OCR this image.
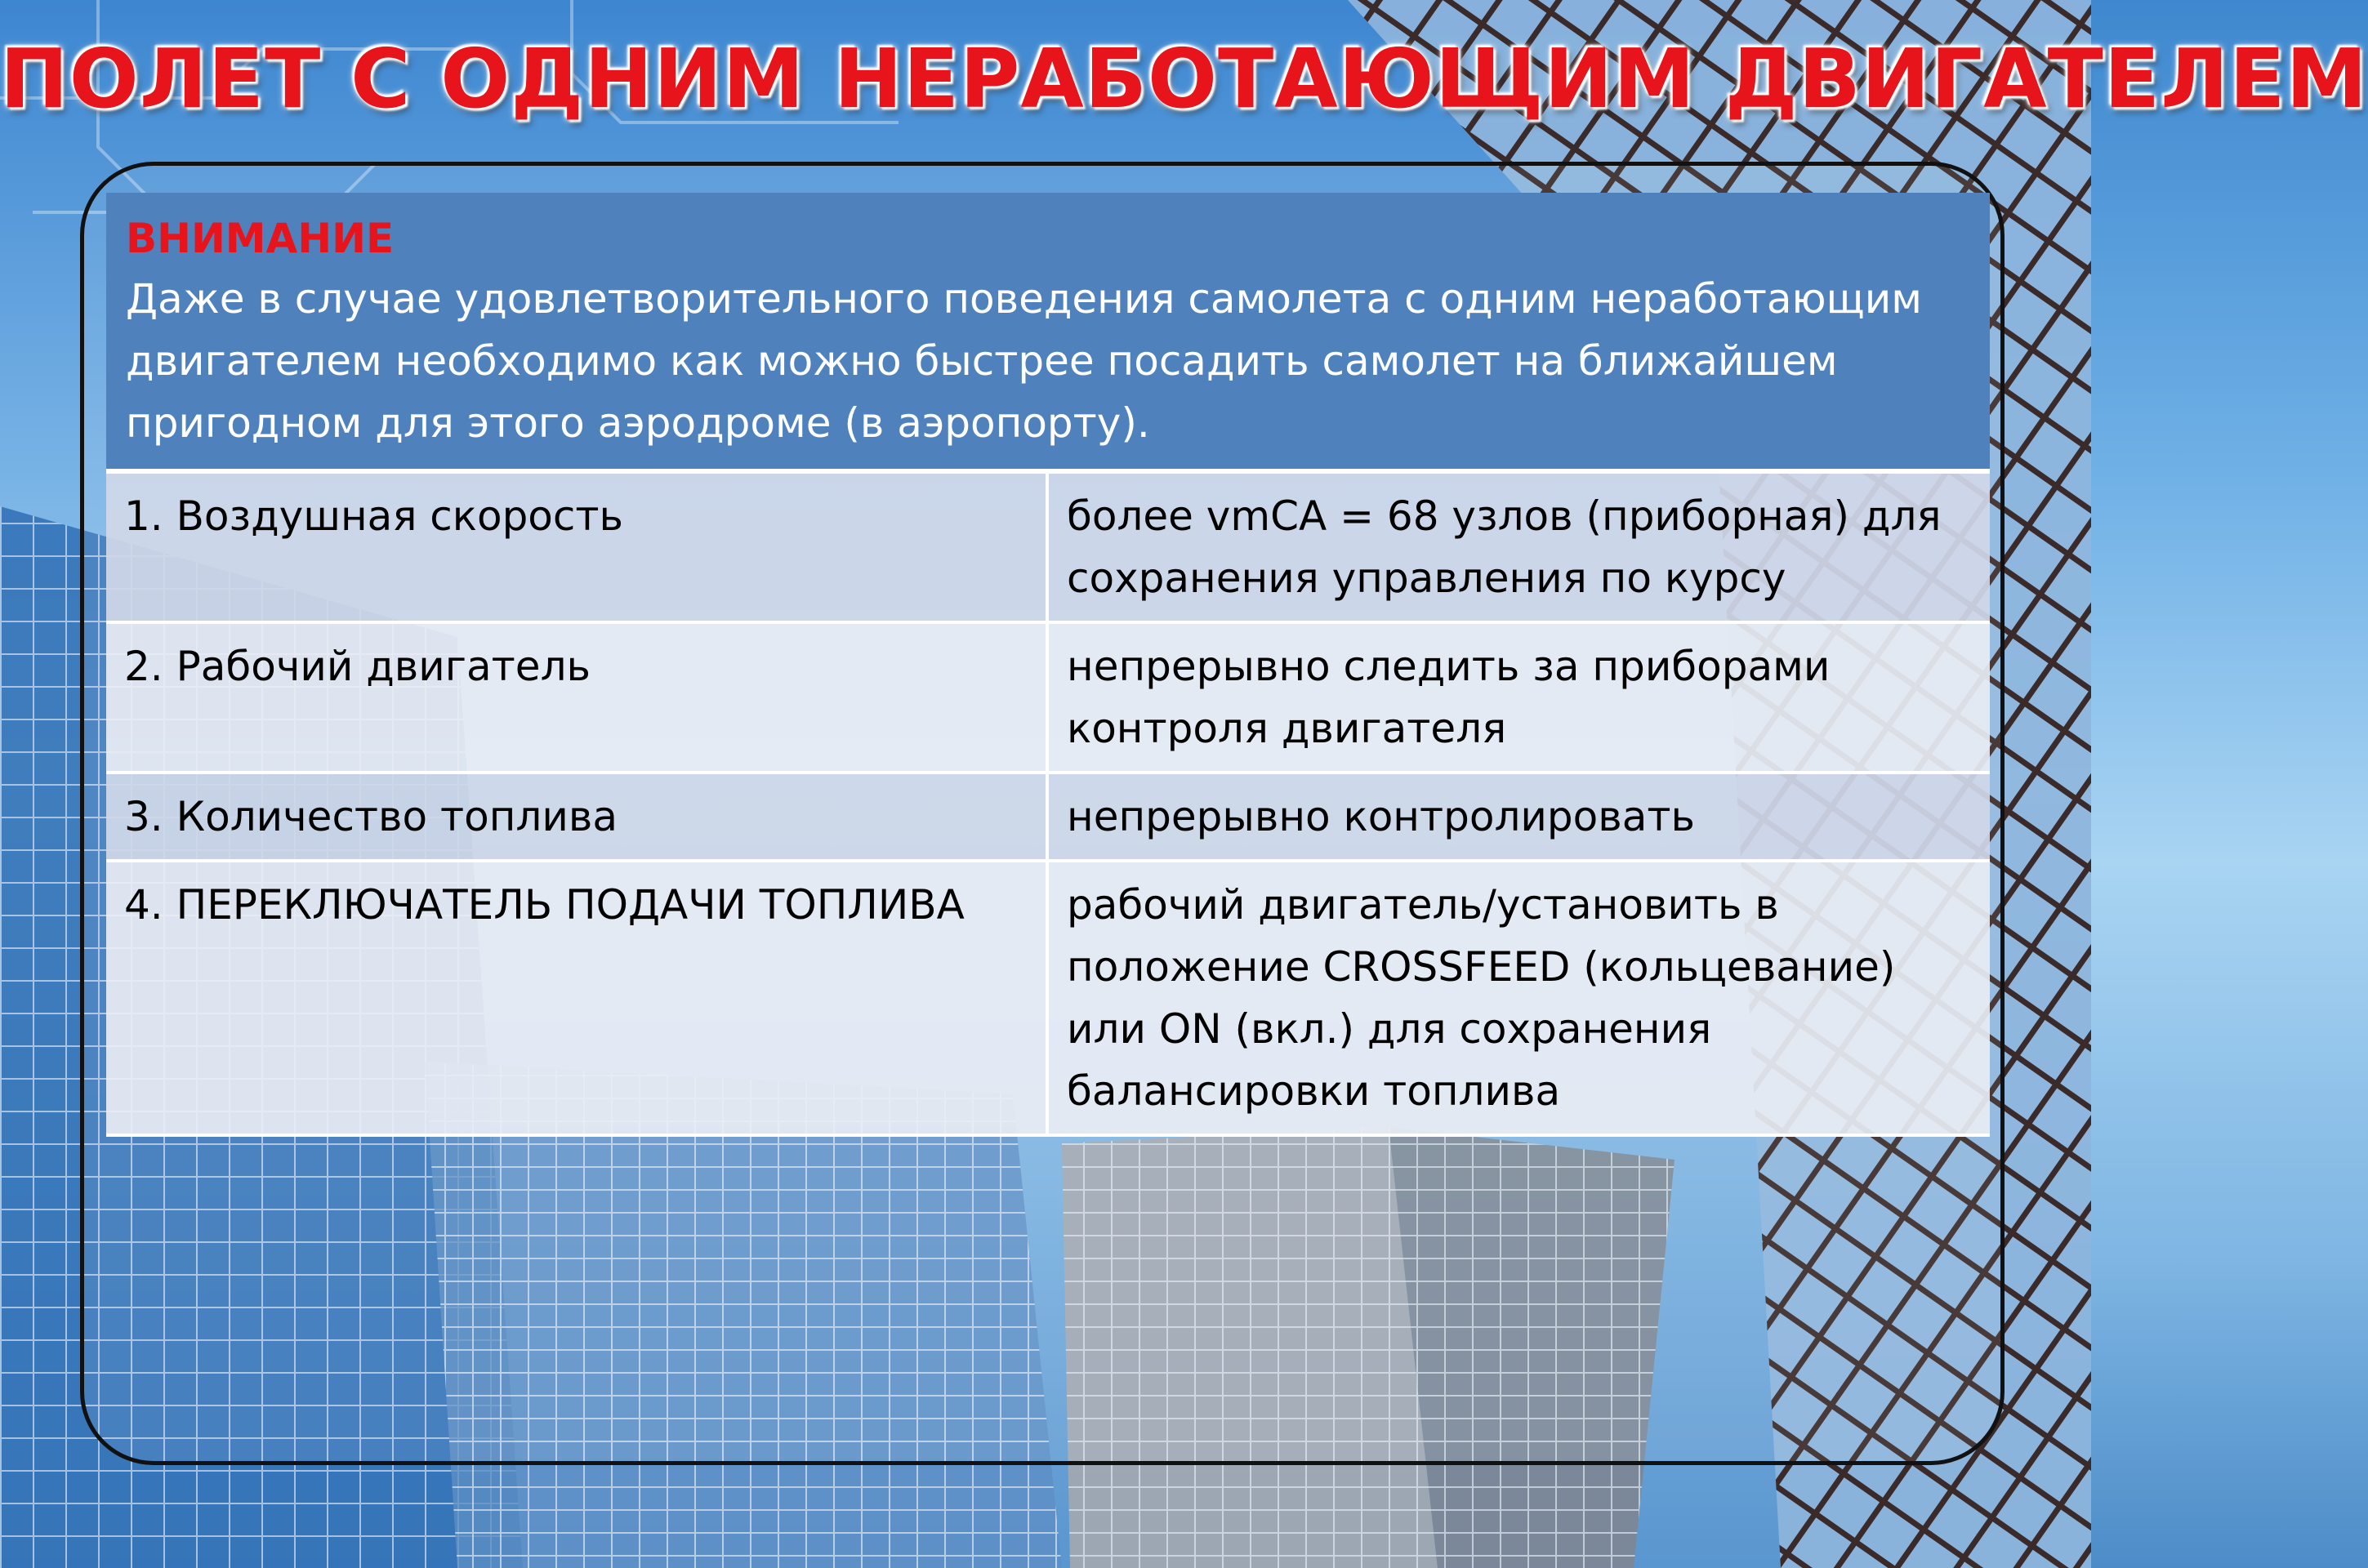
ПОЛЕТ С ОДНИМ НЕРАБОТАЮЩИМ ДВИГАТЕЛЕМ
ВНИМАНИЕ
Даже в случае удовлетворительного поведения самолета с одним неработающим двигателем необходимо как можно быстрее посадить самолет на ближайшем пригодном для этого аэродроме (в аэропорту).	

1. Воздушная скорость	более vmCA = 68 узлов (приборная) для сохранения управления по курсу
2. Рабочий двигатель	непрерывно следить за приборами контроля двигателя
3. Количество топлива	непрерывно контролировать
4. ПЕРЕКЛЮЧАТЕЛЬ ПОДАЧИ ТОПЛИВА	рабочий двигатель/установить в положение CROSSFEED (кольцевание) или ON (вкл.) для сохранения балансировки топлива
